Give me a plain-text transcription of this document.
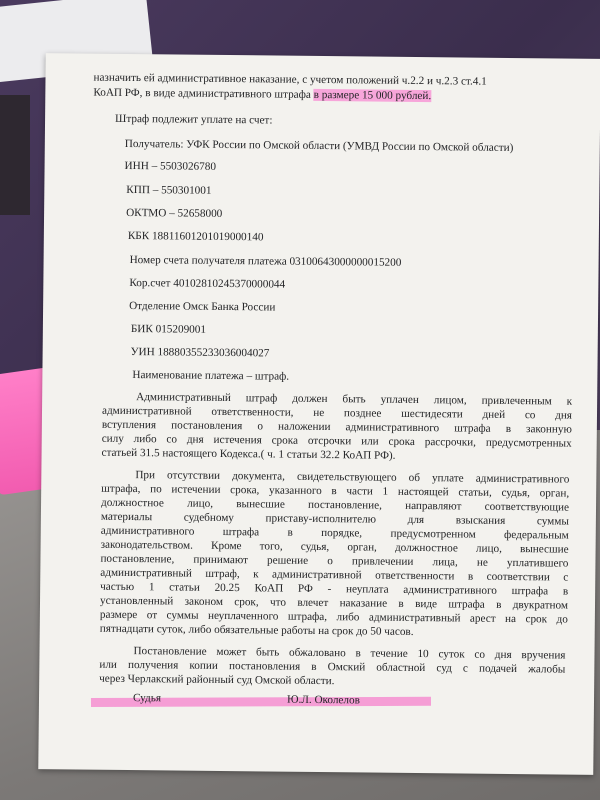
назначить ей административное наказание, с учетом положений ч.2.2 и ч.2.3 ст.4.1
КоАП РФ, в виде административного штрафа в размере 15 000 рублей.
Штраф подлежит уплате на счет:
Получатель: УФК России по Омской области (УМВД России по Омской области)
ИНН – 5503026780
КПП – 550301001
ОКТМО – 52658000
КБК 18811601201019000140
Номер счета получателя платежа 03100643000000015200
Кор.счет 40102810245370000044
Отделение Омск Банка России
БИК 015209001
УИН 18880355233036004027
Наименование платежа – штраф.
Административный штраф должен быть уплачен лицом, привлеченным к
административной ответственности, не позднее шестидесяти дней со дня
вступления постановления о наложении административного штрафа в законную
силу либо со дня истечения срока отсрочки или срока рассрочки, предусмотренных
статьей 31.5 настоящего Кодекса.( ч. 1 статьи 32.2 КоАП РФ).
При отсутствии документа, свидетельствующего об уплате административного
штрафа, по истечении срока, указанного в части 1 настоящей статьи, судья, орган,
должностное лицо, вынесшие постановление, направляют соответствующие
материалы судебному приставу-исполнителю для взыскания суммы
административного штрафа в порядке, предусмотренном федеральным
законодательством. Кроме того, судья, орган, должностное лицо, вынесшие
постановление, принимают решение о привлечении лица, не уплатившего
административный штраф, к административной ответственности в соответствии с
частью 1 статьи 20.25 КоАП РФ - неуплата административного штрафа в
установленный законом срок, что влечет наказание в виде штрафа в двукратном
размере от суммы неуплаченного штрафа, либо административный арест на срок до
пятнадцати суток, либо обязательные работы на срок до 50 часов.
Постановление может быть обжаловано в течение 10 суток со дня вручения
или получения копии постановления в Омский областной суд с подачей жалобы
через Черлакский районный суд Омской области.
Судья	Ю.Л. Околелов
